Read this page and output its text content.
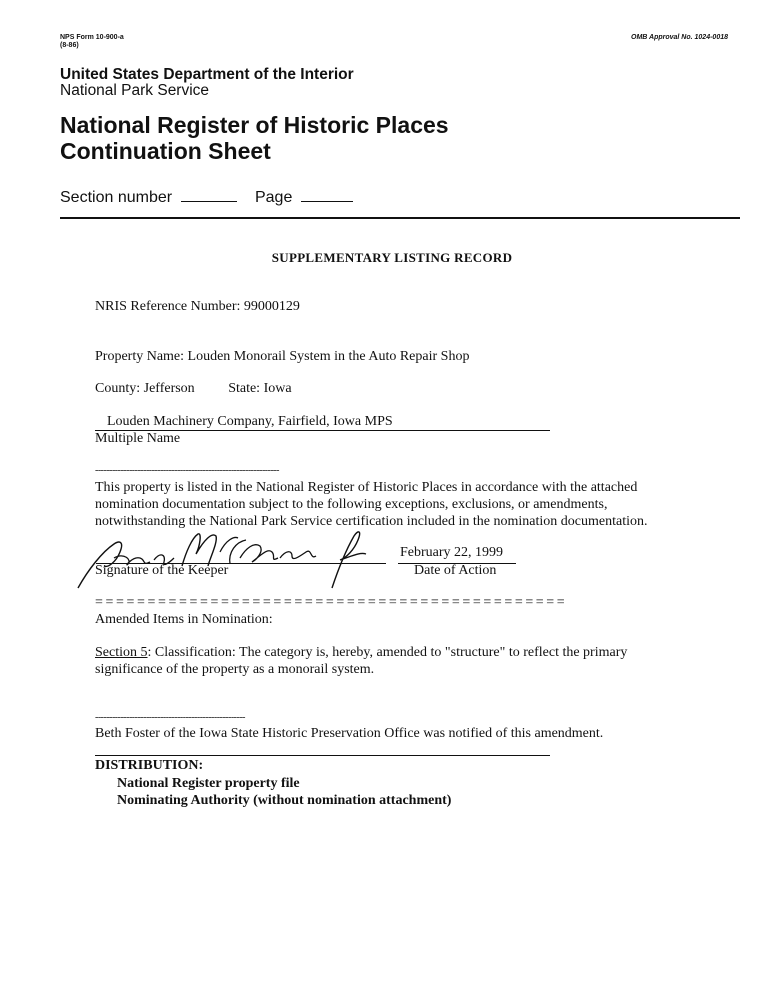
NPS Form 10-900-a
(8-86)
OMB Approval No. 1024-0018
United States Department of the Interior
National Park Service
National Register of Historic Places
Continuation Sheet
Section number	Page
SUPPLEMENTARY LISTING RECORD
NRIS Reference Number: 99000129
Property Name: Louden Monorail System in the Auto Repair Shop
County: Jefferson State: Iowa
Louden Machinery Company, Fairfield, Iowa MPS
Multiple Name
-----------------------------------------------------------------
This property is listed in the National Register of Historic Places in accordance with the attached
nomination documentation subject to the following exceptions, exclusions, or amendments,
notwithstanding the National Park Service certification included in the nomination documentation.
Signature of the Keeper
February 22, 1999
Date of Action
=============================================
Amended Items in Nomination:
Section 5: Classification: The category is, hereby, amended to "structure" to reflect the primary
significance of the property as a monorail system.
-----------------------------------------------------
Beth Foster of the Iowa State Historic Preservation Office was notified of this amendment.
DISTRIBUTION:
National Register property file
Nominating Authority (without nomination attachment)
